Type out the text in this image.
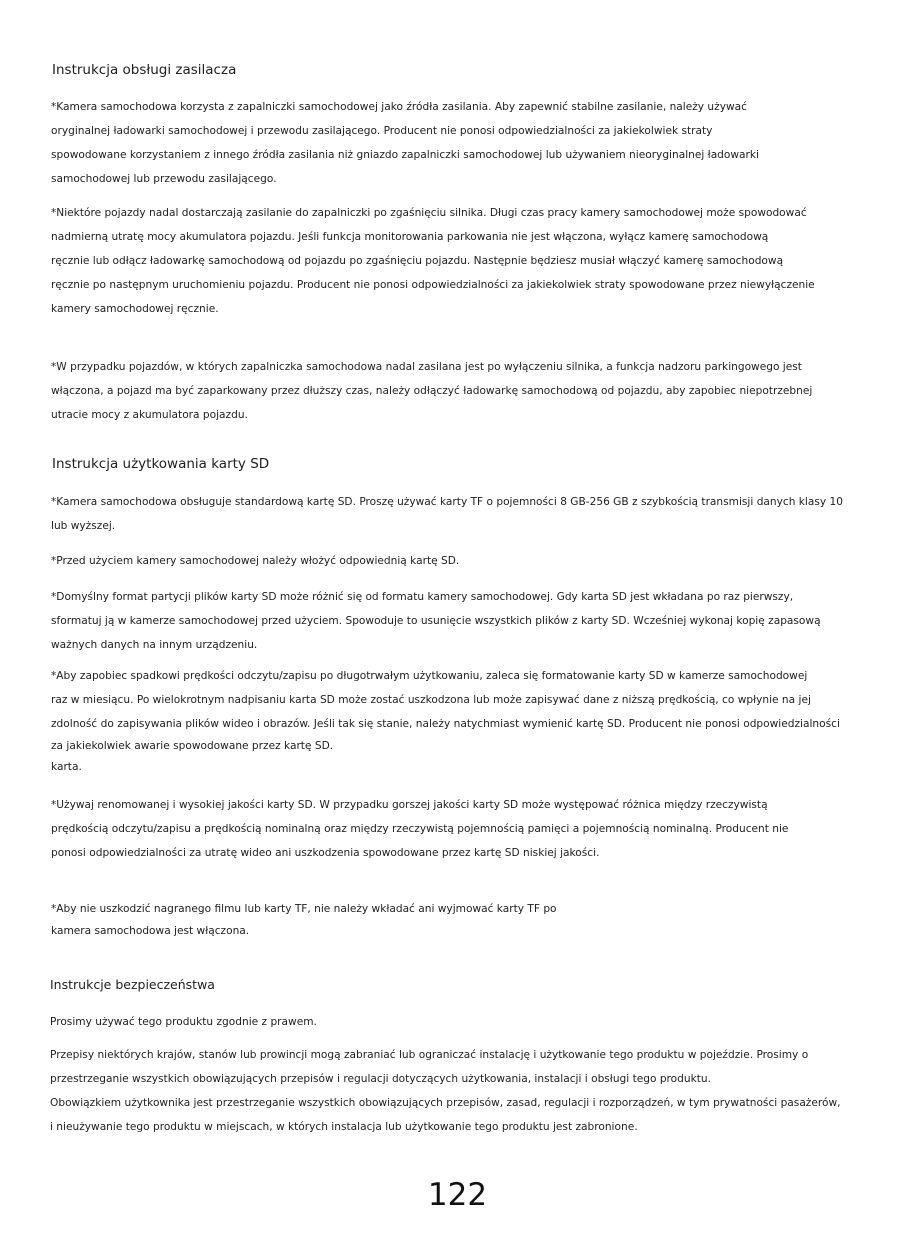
Instrukcja obsługi zasilacza
*Kamera samochodowa korzysta z zapalniczki samochodowej jako źródła zasilania. Aby zapewnić stabilne zasilanie, należy używać
oryginalnej ładowarki samochodowej i przewodu zasilającego. Producent nie ponosi odpowiedzialności za jakiekolwiek straty
spowodowane korzystaniem z innego źródła zasilania niż gniazdo zapalniczki samochodowej lub używaniem nieoryginalnej ładowarki
samochodowej lub przewodu zasilającego.
*Niektóre pojazdy nadal dostarczają zasilanie do zapalniczki po zgaśnięciu silnika. Długi czas pracy kamery samochodowej może spowodować
nadmierną utratę mocy akumulatora pojazdu. Jeśli funkcja monitorowania parkowania nie jest włączona, wyłącz kamerę samochodową
ręcznie lub odłącz ładowarkę samochodową od pojazdu po zgaśnięciu pojazdu. Następnie będziesz musiał włączyć kamerę samochodową
ręcznie po następnym uruchomieniu pojazdu. Producent nie ponosi odpowiedzialności za jakiekolwiek straty spowodowane przez niewyłączenie
kamery samochodowej ręcznie.
*W przypadku pojazdów, w których zapalniczka samochodowa nadal zasilana jest po wyłączeniu silnika, a funkcja nadzoru parkingowego jest
włączona, a pojazd ma być zaparkowany przez dłuższy czas, należy odłączyć ładowarkę samochodową od pojazdu, aby zapobiec niepotrzebnej
utracie mocy z akumulatora pojazdu.
Instrukcja użytkowania karty SD
*Kamera samochodowa obsługuje standardową kartę SD. Proszę używać karty TF o pojemności 8 GB-256 GB z szybkością transmisji danych klasy 10
lub wyższej.
*Przed użyciem kamery samochodowej należy włożyć odpowiednią kartę SD.
*Domyślny format partycji plików karty SD może różnić się od formatu kamery samochodowej. Gdy karta SD jest wkładana po raz pierwszy,
sformatuj ją w kamerze samochodowej przed użyciem. Spowoduje to usunięcie wszystkich plików z karty SD. Wcześniej wykonaj kopię zapasową
ważnych danych na innym urządzeniu.
*Aby zapobiec spadkowi prędkości odczytu/zapisu po długotrwałym użytkowaniu, zaleca się formatowanie karty SD w kamerze samochodowej
raz w miesiącu. Po wielokrotnym nadpisaniu karta SD może zostać uszkodzona lub może zapisywać dane z niższą prędkością, co wpłynie na jej
zdolność do zapisywania plików wideo i obrazów. Jeśli tak się stanie, należy natychmiast wymienić kartę SD. Producent nie ponosi odpowiedzialności
za jakiekolwiek awarie spowodowane przez kartę SD.
karta.
*Używaj renomowanej i wysokiej jakości karty SD. W przypadku gorszej jakości karty SD może występować różnica między rzeczywistą
prędkością odczytu/zapisu a prędkością nominalną oraz między rzeczywistą pojemnością pamięci a pojemnością nominalną. Producent nie
ponosi odpowiedzialności za utratę wideo ani uszkodzenia spowodowane przez kartę SD niskiej jakości.
*Aby nie uszkodzić nagranego filmu lub karty TF, nie należy wkładać ani wyjmować karty TF po
kamera samochodowa jest włączona.
Instrukcje bezpieczeństwa
Prosimy używać tego produktu zgodnie z prawem.
Przepisy niektórych krajów, stanów lub prowincji mogą zabraniać lub ograniczać instalację i użytkowanie tego produktu w pojeździe. Prosimy o
przestrzeganie wszystkich obowiązujących przepisów i regulacji dotyczących użytkowania, instalacji i obsługi tego produktu.
Obowiązkiem użytkownika jest przestrzeganie wszystkich obowiązujących przepisów, zasad, regulacji i rozporządzeń, w tym prywatności pasażerów,
i nieużywanie tego produktu w miejscach, w których instalacja lub użytkowanie tego produktu jest zabronione.
122
